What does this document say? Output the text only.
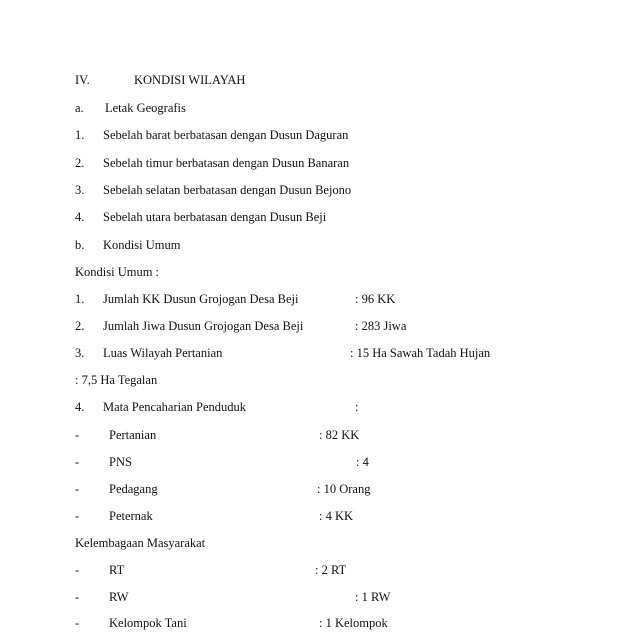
IV.	KONDISI WILAYAH
a. Letak Geografis
1. Sebelah barat berbatasan dengan Dusun Daguran
2. Sebelah timur berbatasan dengan Dusun Banaran
3. Sebelah selatan berbatasan dengan Dusun Bejono
4. Sebelah utara berbatasan dengan Dusun Beji
b. Kondisi Umum
Kondisi Umum :
1. Jumlah KK Dusun Grojogan Desa Beji	: 96 KK
2. Jumlah Jiwa Dusun Grojogan Desa Beji	: 283 Jiwa
3. Luas Wilayah Pertanian	: 15 Ha Sawah Tadah Hujan
: 7,5 Ha Tegalan
4. Mata Pencaharian Penduduk	:
- Pertanian	: 82 KK
- PNS	: 4
- Pedagang	: 10 Orang
- Peternak	: 4 KK
Kelembagaan Masyarakat
- RT	: 2 RT
- RW	: 1 RW
- Kelompok Tani	: 1 Kelompok
